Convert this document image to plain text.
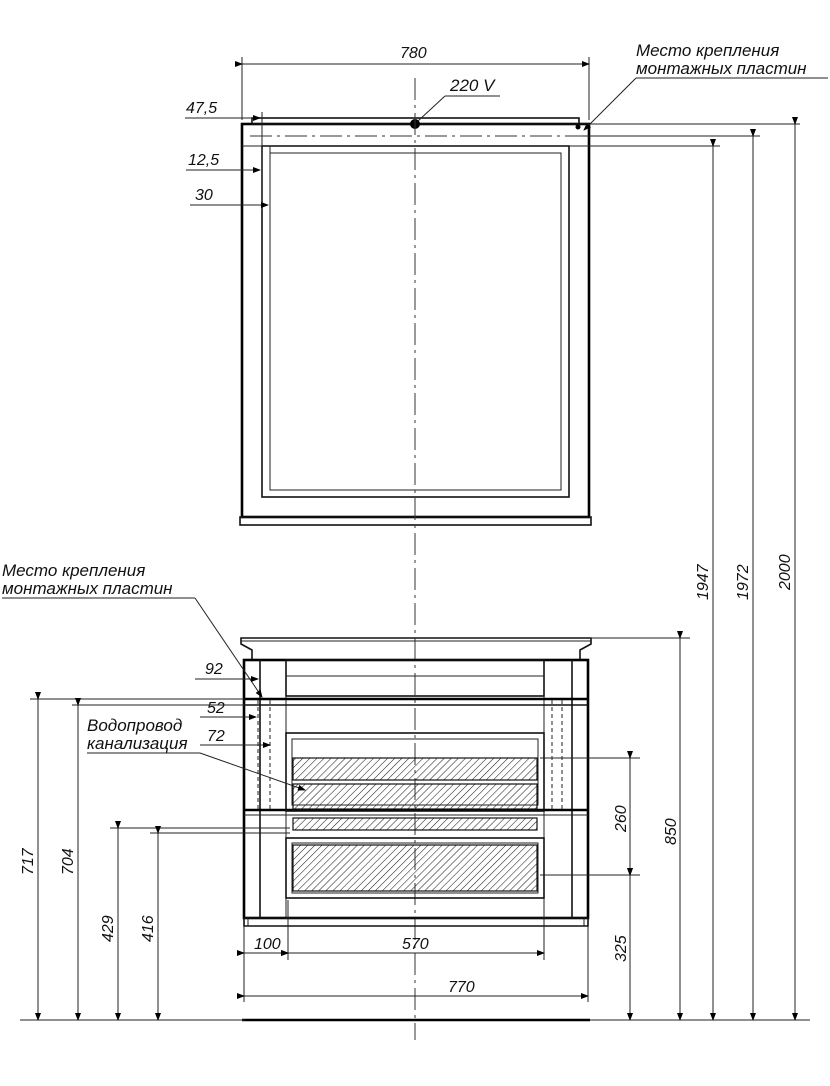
780
220 V
Место крепления
монтажных пластин
47,5
12,5
30
1947 1972 2000
Место крепления
монтажных пластин
92
52
72
Водопровод
канализация
717 704
429 416
850
260
325
100	570
770
